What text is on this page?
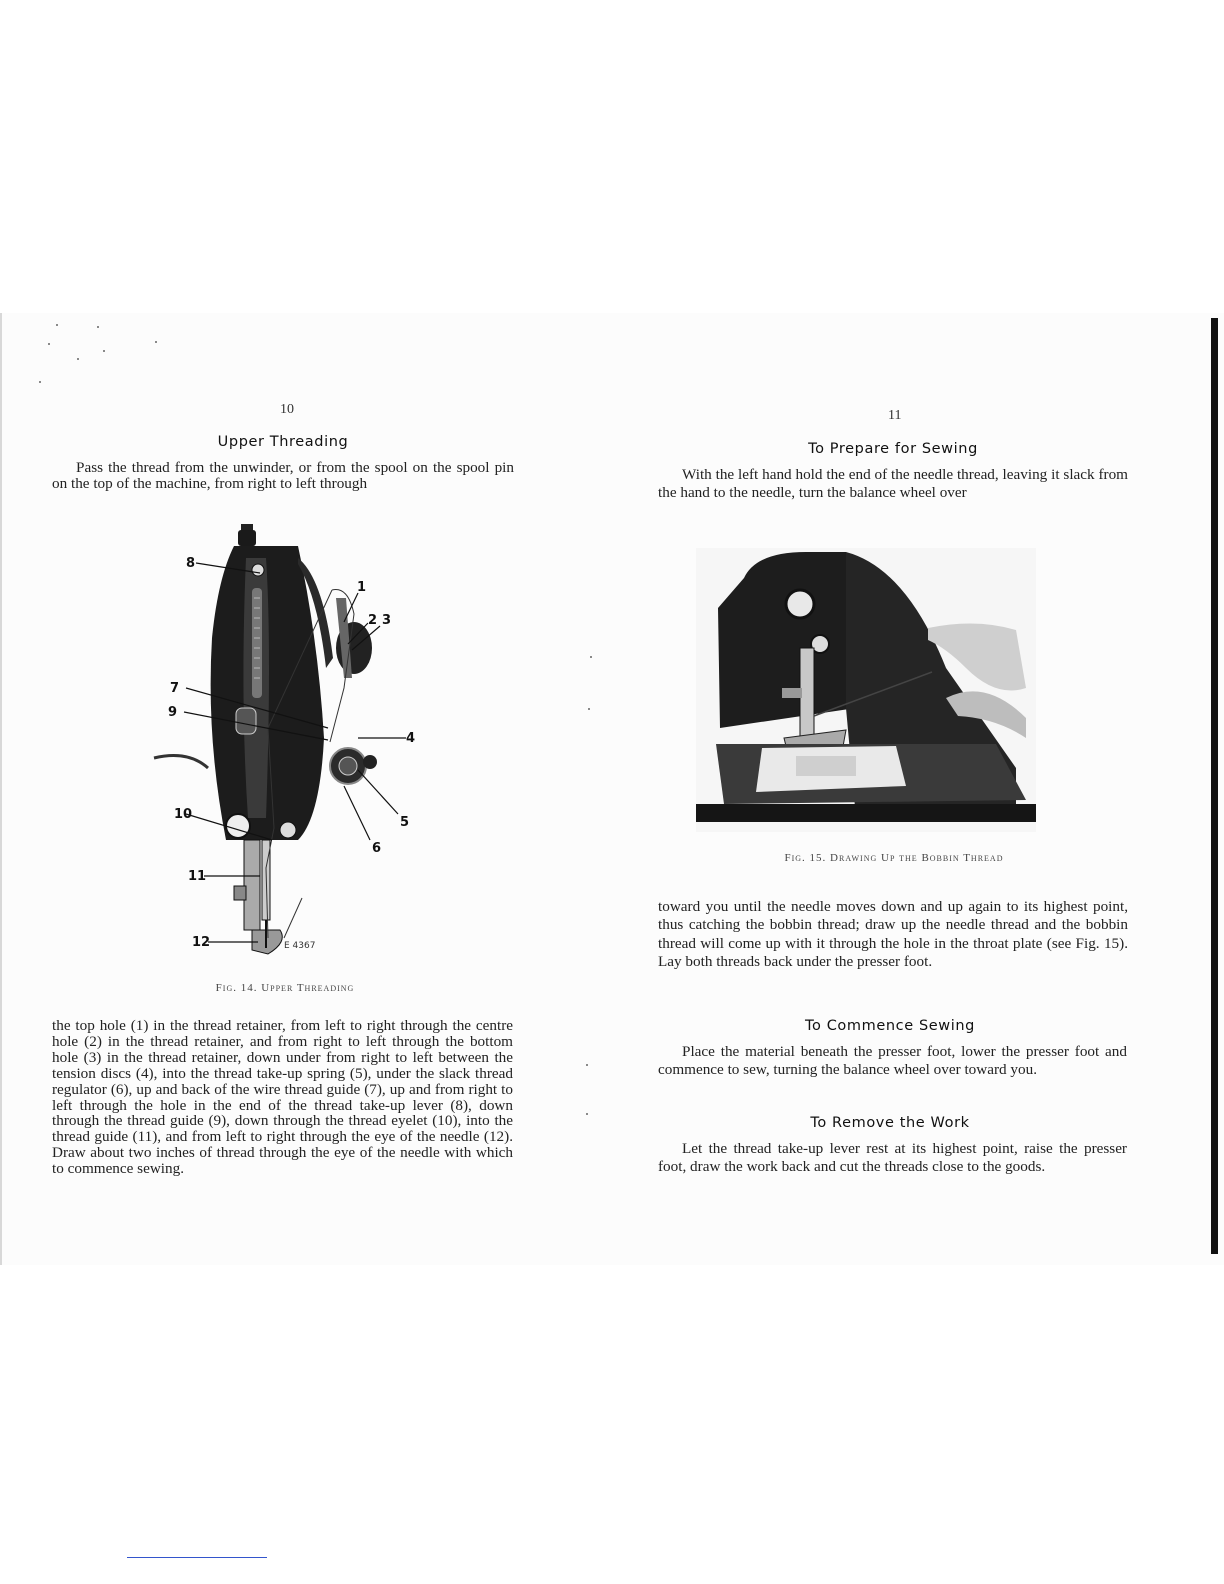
10
Upper Threading
Pass the thread from the unwinder, or from the spool on the spool pin on the top of the machine, from right to left through
8
1
2 3
7
9
4
10
5
6
11
12	E 4367
Fig. 14. Upper Threading
the top hole (1) in the thread retainer, from left to right through the centre hole (2) in the thread retainer, and from right to left through the bottom hole (3) in the thread retainer, down under from right to left between the tension discs (4), into the thread take-up spring (5), under the slack thread regulator (6), up and back of the wire thread guide (7), up and from right to left through the hole in the end of the thread take-up lever (8), down through the thread guide (9), down through the thread eyelet (10), into the thread guide (11), and from left to right through the eye of the needle (12). Draw about two inches of thread through the eye of the needle with which to commence sewing.
11
To Prepare for Sewing
With the left hand hold the end of the needle thread, leaving it slack from the hand to the needle, turn the balance wheel over
Fig. 15. Drawing Up the Bobbin Thread
toward you until the needle moves down and up again to its highest point, thus catching the bobbin thread; draw up the needle thread and the bobbin thread will come up with it through the hole in the throat plate (see Fig. 15). Lay both threads back under the presser foot.
To Commence Sewing
Place the material beneath the presser foot, lower the presser foot and commence to sew, turning the balance wheel over toward you.
To Remove the Work
Let the thread take-up lever rest at its highest point, raise the presser foot, draw the work back and cut the threads close to the goods.
